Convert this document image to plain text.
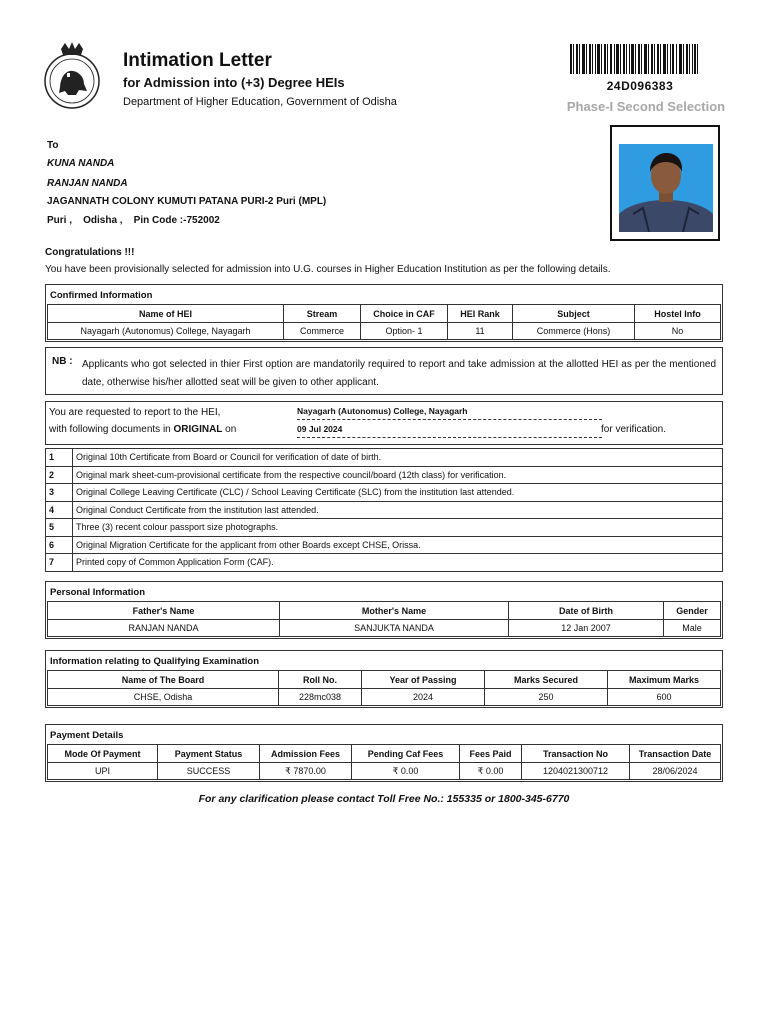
Intimation Letter
for Admission into (+3) Degree HEIs
Department of Higher Education, Government of Odisha
24D096383
Phase-I Second Selection
To
KUNA NANDA
RANJAN NANDA
JAGANNATH COLONY KUMUTI PATANA PURI-2 Puri (MPL)
Puri ,    Odisha ,    Pin Code :-752002
Congratulations !!!
You have been provisionally selected for admission into U.G. courses in Higher Education Institution as per the following details.
Confirmed Information
Name of HEI	Stream	Choice in CAF	HEI Rank	Subject	Hostel Info
Nayagarh (Autonomus) College, Nayagarh	Commerce	Option- 1	11	Commerce (Hons)	No
NB : Applicants who got selected in thier First option are mandatorily required to report and take admission at the allotted HEI as per the mentioned date, otherwise his/her allotted seat will be given to other applicant.
You are requested to report to the HEI,
with following documents in ORIGINAL on
Nayagarh (Autonomus) College, Nayagarh
09 Jul 2024	for verification.
1	Original 10th Certificate from Board or Council for verification of date of birth.
2	Original mark sheet-cum-provisional certificate from the respective council/board (12th class) for verification.
3	Original College Leaving Certificate (CLC) / School Leaving Certificate (SLC) from the institution last attended.
4	Original Conduct Certificate from the institution last attended.
5	Three (3) recent colour passport size photographs.
6	Original Migration Certificate for the applicant from other Boards except CHSE, Orissa.
7	Printed copy of Common Application Form (CAF).
Personal Information
Father's Name	Mother's Name	Date of Birth	Gender
RANJAN NANDA	SANJUKTA NANDA	12 Jan 2007	Male
Information relating to Qualifying Examination
Name of The Board	Roll No.	Year of Passing	Marks Secured	Maximum Marks
CHSE, Odisha	228mc038	2024	250	600
Payment Details
Mode Of Payment	Payment Status	Admission Fees	Pending Caf Fees	Fees Paid	Transaction No	Transaction Date
UPI	SUCCESS	₹ 7870.00	₹ 0.00	₹ 0.00	1204021300712	28/06/2024
For any clarification please contact Toll Free No.: 155335 or 1800-345-6770
